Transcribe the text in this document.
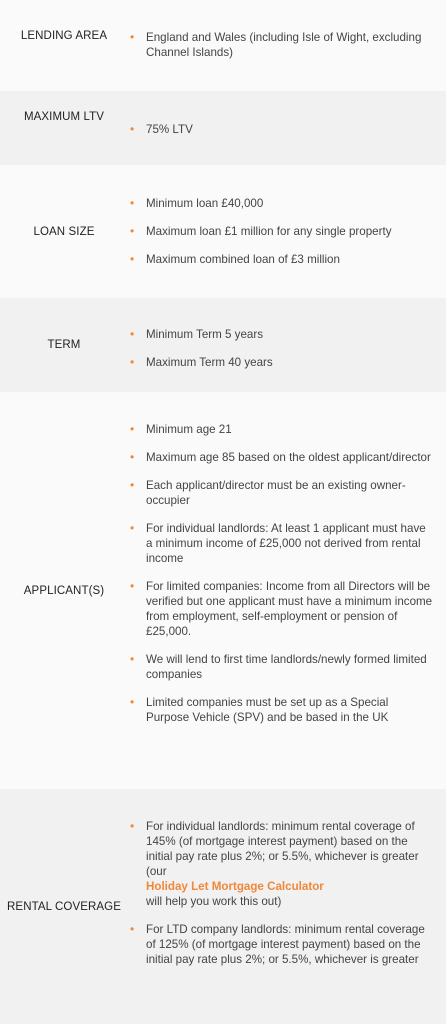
LENDING AREA	• England and Wales (including Isle of Wight, excluding Channel Islands)
MAXIMUM LTV
• 75% LTV
LOAN SIZE
• Minimum loan £40,000
• Maximum loan £1 million for any single property
• Maximum combined loan of £3 million
TERM
• Minimum Term 5 years
• Maximum Term 40 years
APPLICANT(S)
• Minimum age 21
• Maximum age 85 based on the oldest applicant/director
• Each applicant/director must be an existing owner-occupier
• For individual landlords: At least 1 applicant must have a minimum income of £25,000 not derived from rental income
• For limited companies: Income from all Directors will be verified but one applicant must have a minimum income from employment, self-employment or pension of £25,000.
• We will lend to first time landlords/newly formed limited companies
• Limited companies must be set up as a Special Purpose Vehicle (SPV) and be based in the UK
RENTAL COVERAGE
• For individual landlords: minimum rental coverage of 145% (of mortgage interest payment) based on the initial pay rate plus 2%; or 5.5%, whichever is greater (our
Holiday Let Mortgage Calculator
will help you work this out)
• For LTD company landlords: minimum rental coverage of 125% (of mortgage interest payment) based on the initial pay rate plus 2%; or 5.5%, whichever is greater
